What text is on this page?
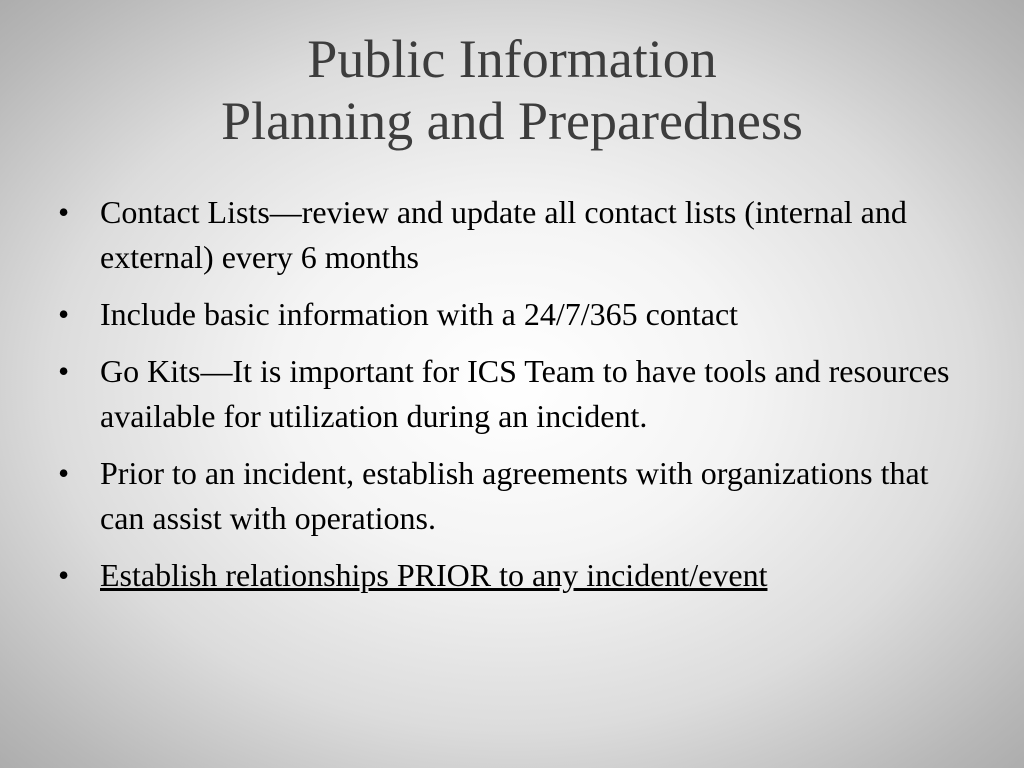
Public Information
Planning and Preparedness
• Contact Lists—review and update all contact lists (internal and external) every 6 months
• Include basic information with a 24/7/365 contact
• Go Kits—It is important for ICS Team to have tools and resources available for utilization during an incident.
• Prior to an incident, establish agreements with organizations that can assist with operations.
• Establish relationships PRIOR to any incident/event
